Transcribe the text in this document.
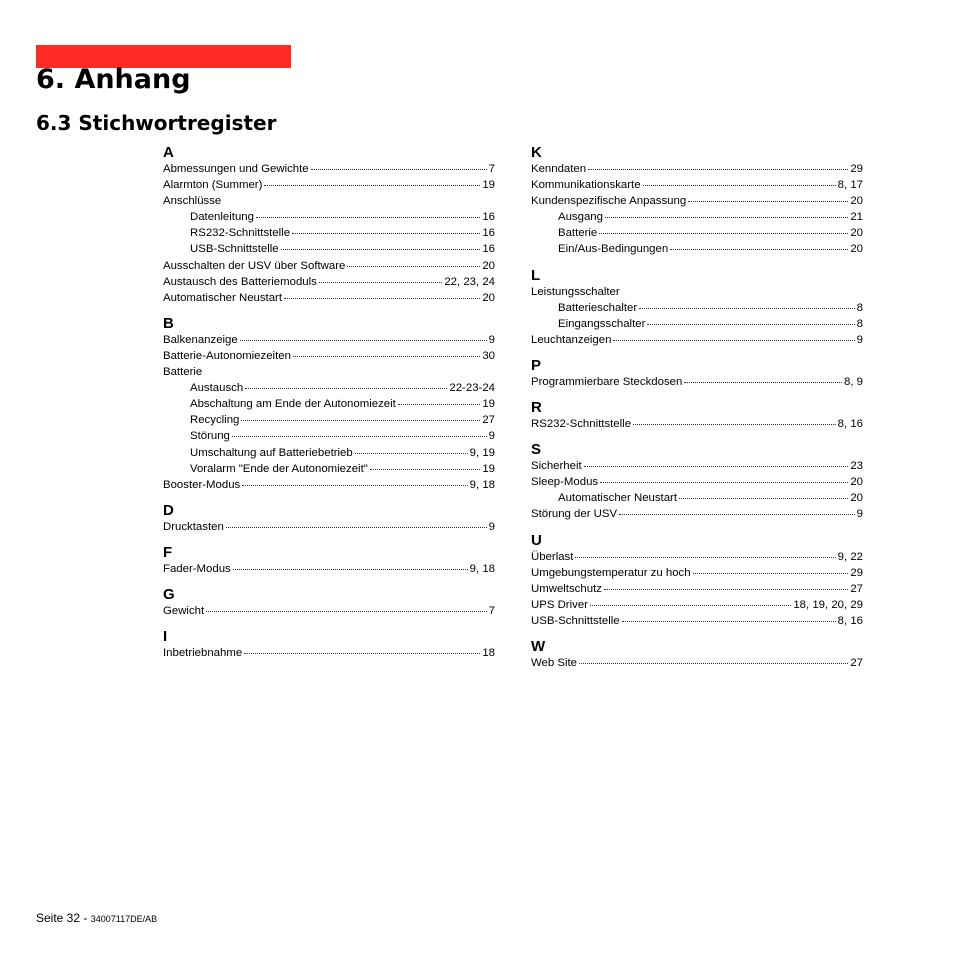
6. Anhang
6.3 Stichwortregister
A
Abmessungen und Gewichte	7
Alarmton (Summer)	19
Anschlüsse
Datenleitung	16
RS232-Schnittstelle	16
USB-Schnittstelle	16
Ausschalten der USV über Software	20
Austausch des Batteriemoduls	22, 23, 24
Automatischer Neustart	20
B
Balkenanzeige	9
Batterie-Autonomiezeiten	30
Batterie
Austausch	22-23-24
Abschaltung am Ende der Autonomiezeit	19
Recycling	27
Störung	9
Umschaltung auf Batteriebetrieb	9, 19
Voralarm "Ende der Autonomiezeit"	19
Booster-Modus	9, 18
D
Drucktasten	9
F
Fader-Modus	9, 18
G
Gewicht	7
I
Inbetriebnahme	18
K
Kenndaten	29
Kommunikationskarte	8, 17
Kundenspezifische Anpassung	20
Ausgang	21
Batterie	20
Ein/Aus-Bedingungen	20
L
Leistungsschalter
Batterieschalter	8
Eingangsschalter	8
Leuchtanzeigen	9
P
Programmierbare Steckdosen	8, 9
R
RS232-Schnittstelle	8, 16
S
Sicherheit	23
Sleep-Modus	20
Automatischer Neustart	20
Störung der USV	9
U
Überlast	9, 22
Umgebungstemperatur zu hoch	29
Umweltschutz	27
UPS Driver	18, 19, 20, 29
USB-Schnittstelle	8, 16
W
Web Site	27
Seite 32 - 34007117DE/AB
